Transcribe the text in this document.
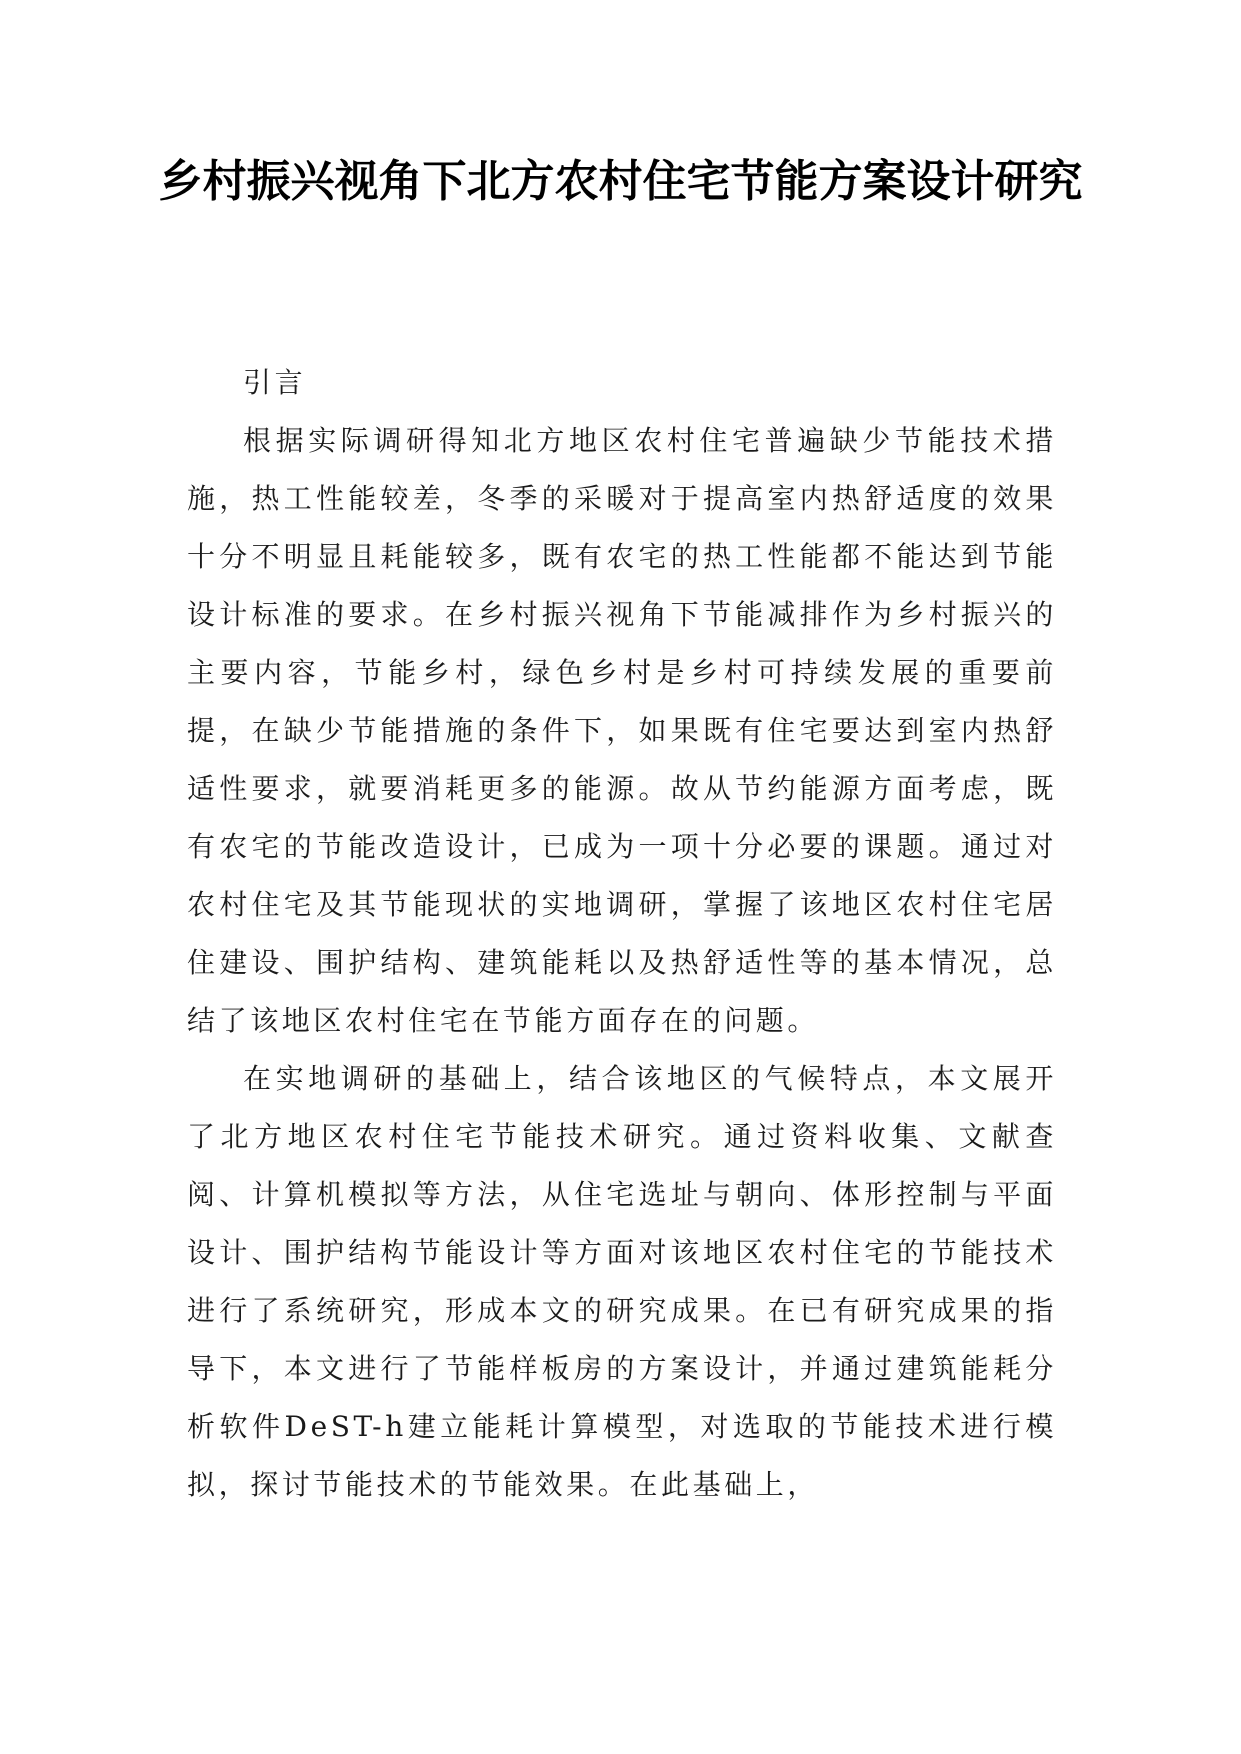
乡村振兴视角下北方农村住宅节能方案设计研究

引言

根据实际调研得知北方地区农村住宅普遍缺少节能技术措施，热工性能较差，冬季的采暖对于提高室内热舒适度的效果十分不明显且耗能较多，既有农宅的热工性能都不能达到节能设计标准的要求。在乡村振兴视角下节能减排作为乡村振兴的主要内容，节能乡村，绿色乡村是乡村可持续发展的重要前提，在缺少节能措施的条件下，如果既有住宅要达到室内热舒适性要求，就要消耗更多的能源。故从节约能源方面考虑，既有农宅的节能改造设计，已成为一项十分必要的课题。通过对农村住宅及其节能现状的实地调研，掌握了该地区农村住宅居住建设、围护结构、建筑能耗以及热舒适性等的基本情况，总结了该地区农村住宅在节能方面存在的问题。

在实地调研的基础上，结合该地区的气候特点，本文展开了北方地区农村住宅节能技术研究。通过资料收集、文献查阅、计算机模拟等方法，从住宅选址与朝向、体形控制与平面设计、围护结构节能设计等方面对该地区农村住宅的节能技术进行了系统研究，形成本文的研究成果。在已有研究成果的指导下，本文进行了节能样板房的方案设计，并通过建筑能耗分析软件DeST-h建立能耗计算模型，对选取的节能技术进行模拟，探讨节能技术的节能效果。在此基础上，
